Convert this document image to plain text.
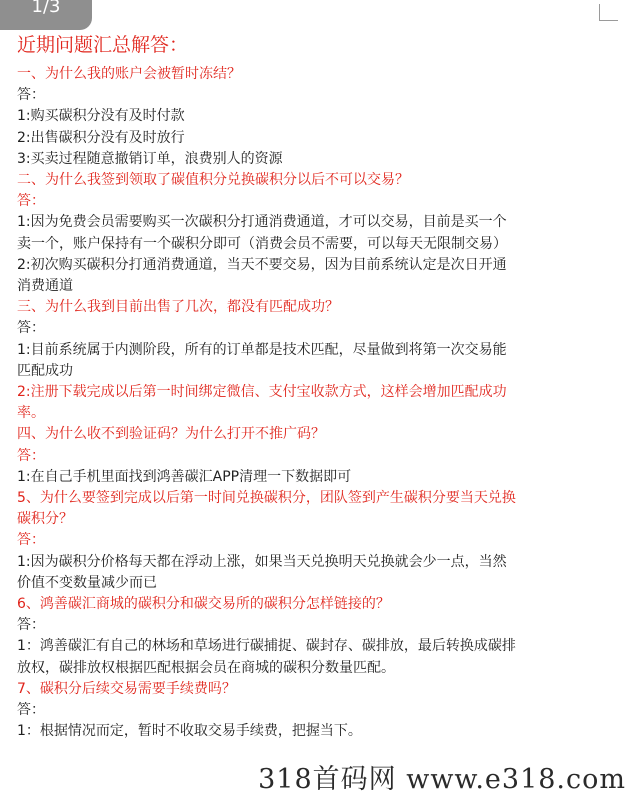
1/3
近期问题汇总解答：

一、为什么我的账户会被暂时冻结？

答：

1:购买碳积分没有及时付款

2:出售碳积分没有及时放行

3:买卖过程随意撤销订单，浪费别人的资源

二、为什么我签到领取了碳值积分兑换碳积分以后不可以交易？

答：

1:因为免费会员需要购买一次碳积分打通消费通道，才可以交易，目前是买一个

卖一个，账户保持有一个碳积分即可（消费会员不需要，可以每天无限制交易）

2:初次购买碳积分打通消费通道，当天不要交易，因为目前系统认定是次日开通

消费通道

三、为什么我到目前出售了几次，都没有匹配成功？

答：

1:目前系统属于内测阶段，所有的订单都是技术匹配，尽量做到将第一次交易能

匹配成功

2:注册下载完成以后第一时间绑定微信、支付宝收款方式，这样会增加匹配成功

率。

四、为什么收不到验证码？为什么打开不推广码？

答：

1:在自己手机里面找到鸿善碳汇APP清理一下数据即可

5、为什么要签到完成以后第一时间兑换碳积分，团队签到产生碳积分要当天兑换

碳积分？

答：

1:因为碳积分价格每天都在浮动上涨，如果当天兑换明天兑换就会少一点，当然

价值不变数量减少而已

6、鸿善碳汇商城的碳积分和碳交易所的碳积分怎样链接的？

答：

1：鸿善碳汇有自己的林场和草场进行碳捕捉、碳封存、碳排放，最后转换成碳排

放权，碳排放权根据匹配根据会员在商城的碳积分数量匹配。

7、碳积分后续交易需要手续费吗？

答：

1：根据情况而定，暂时不收取交易手续费，把握当下。

318首码网 www.e318.com
